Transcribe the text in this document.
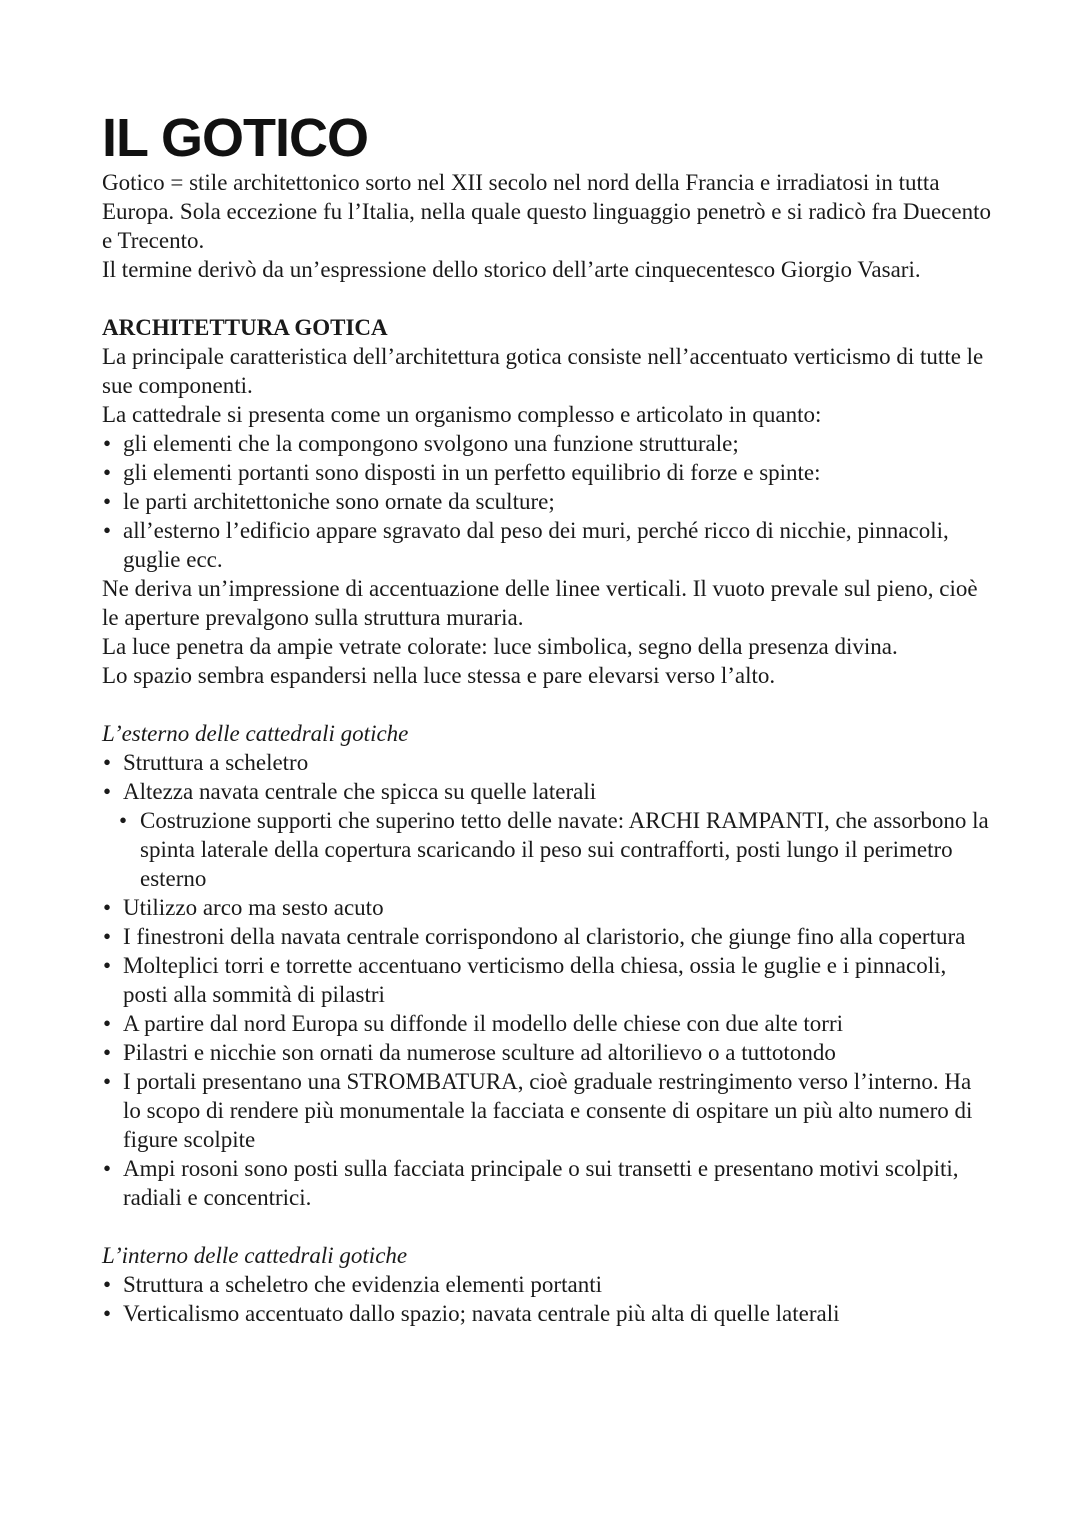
IL GOTICO

Gotico = stile architettonico sorto nel XII secolo nel nord della Francia e irradiatosi in tutta Europa. Sola eccezione fu l’Italia, nella quale questo linguaggio penetrò e si radicò fra Duecento e Trecento.

Il termine derivò da un’espressione dello storico dell’arte cinquecentesco Giorgio Vasari.

ARCHITETTURA GOTICA

La principale caratteristica dell’architettura gotica consiste nell’accentuato verticismo di tutte le sue componenti.

La cattedrale si presenta come un organismo complesso e articolato in quanto:

• gli elementi che la compongono svolgono una funzione strutturale;
• gli elementi portanti sono disposti in un perfetto equilibrio di forze e spinte:
• le parti architettoniche sono ornate da sculture;
• all’esterno l’edificio appare sgravato dal peso dei muri, perché ricco di nicchie, pinnacoli, guglie ecc.

Ne deriva un’impressione di accentuazione delle linee verticali. Il vuoto prevale sul pieno, cioè le aperture prevalgono sulla struttura muraria.

La luce penetra da ampie vetrate colorate: luce simbolica, segno della presenza divina.

Lo spazio sembra espandersi nella luce stessa e pare elevarsi verso l’alto.

L’esterno delle cattedrali gotiche

• Struttura a scheletro
• Altezza navata centrale che spicca su quelle laterali
• Costruzione supporti che superino tetto delle navate: ARCHI RAMPANTI, che assorbono la spinta laterale della copertura scaricando il peso sui contrafforti, posti lungo il perimetro esterno
• Utilizzo arco ma sesto acuto
• I finestroni della navata centrale corrispondono al claristorio, che giunge fino alla copertura
• Molteplici torri e torrette accentuano verticismo della chiesa, ossia le guglie e i pinnacoli, posti alla sommità di pilastri
• A partire dal nord Europa su diffonde il modello delle chiese con due alte torri
• Pilastri e nicchie son ornati da numerose sculture ad altorilievo o a tuttotondo
• I portali presentano una STROMBATURA, cioè graduale restringimento verso l’interno. Ha lo scopo di rendere più monumentale la facciata e consente di ospitare un più alto numero di figure scolpite
• Ampi rosoni sono posti sulla facciata principale o sui transetti e presentano motivi scolpiti, radiali e concentrici.

L’interno delle cattedrali gotiche

• Struttura a scheletro che evidenzia elementi portanti
• Verticalismo accentuato dallo spazio; navata centrale più alta di quelle laterali
